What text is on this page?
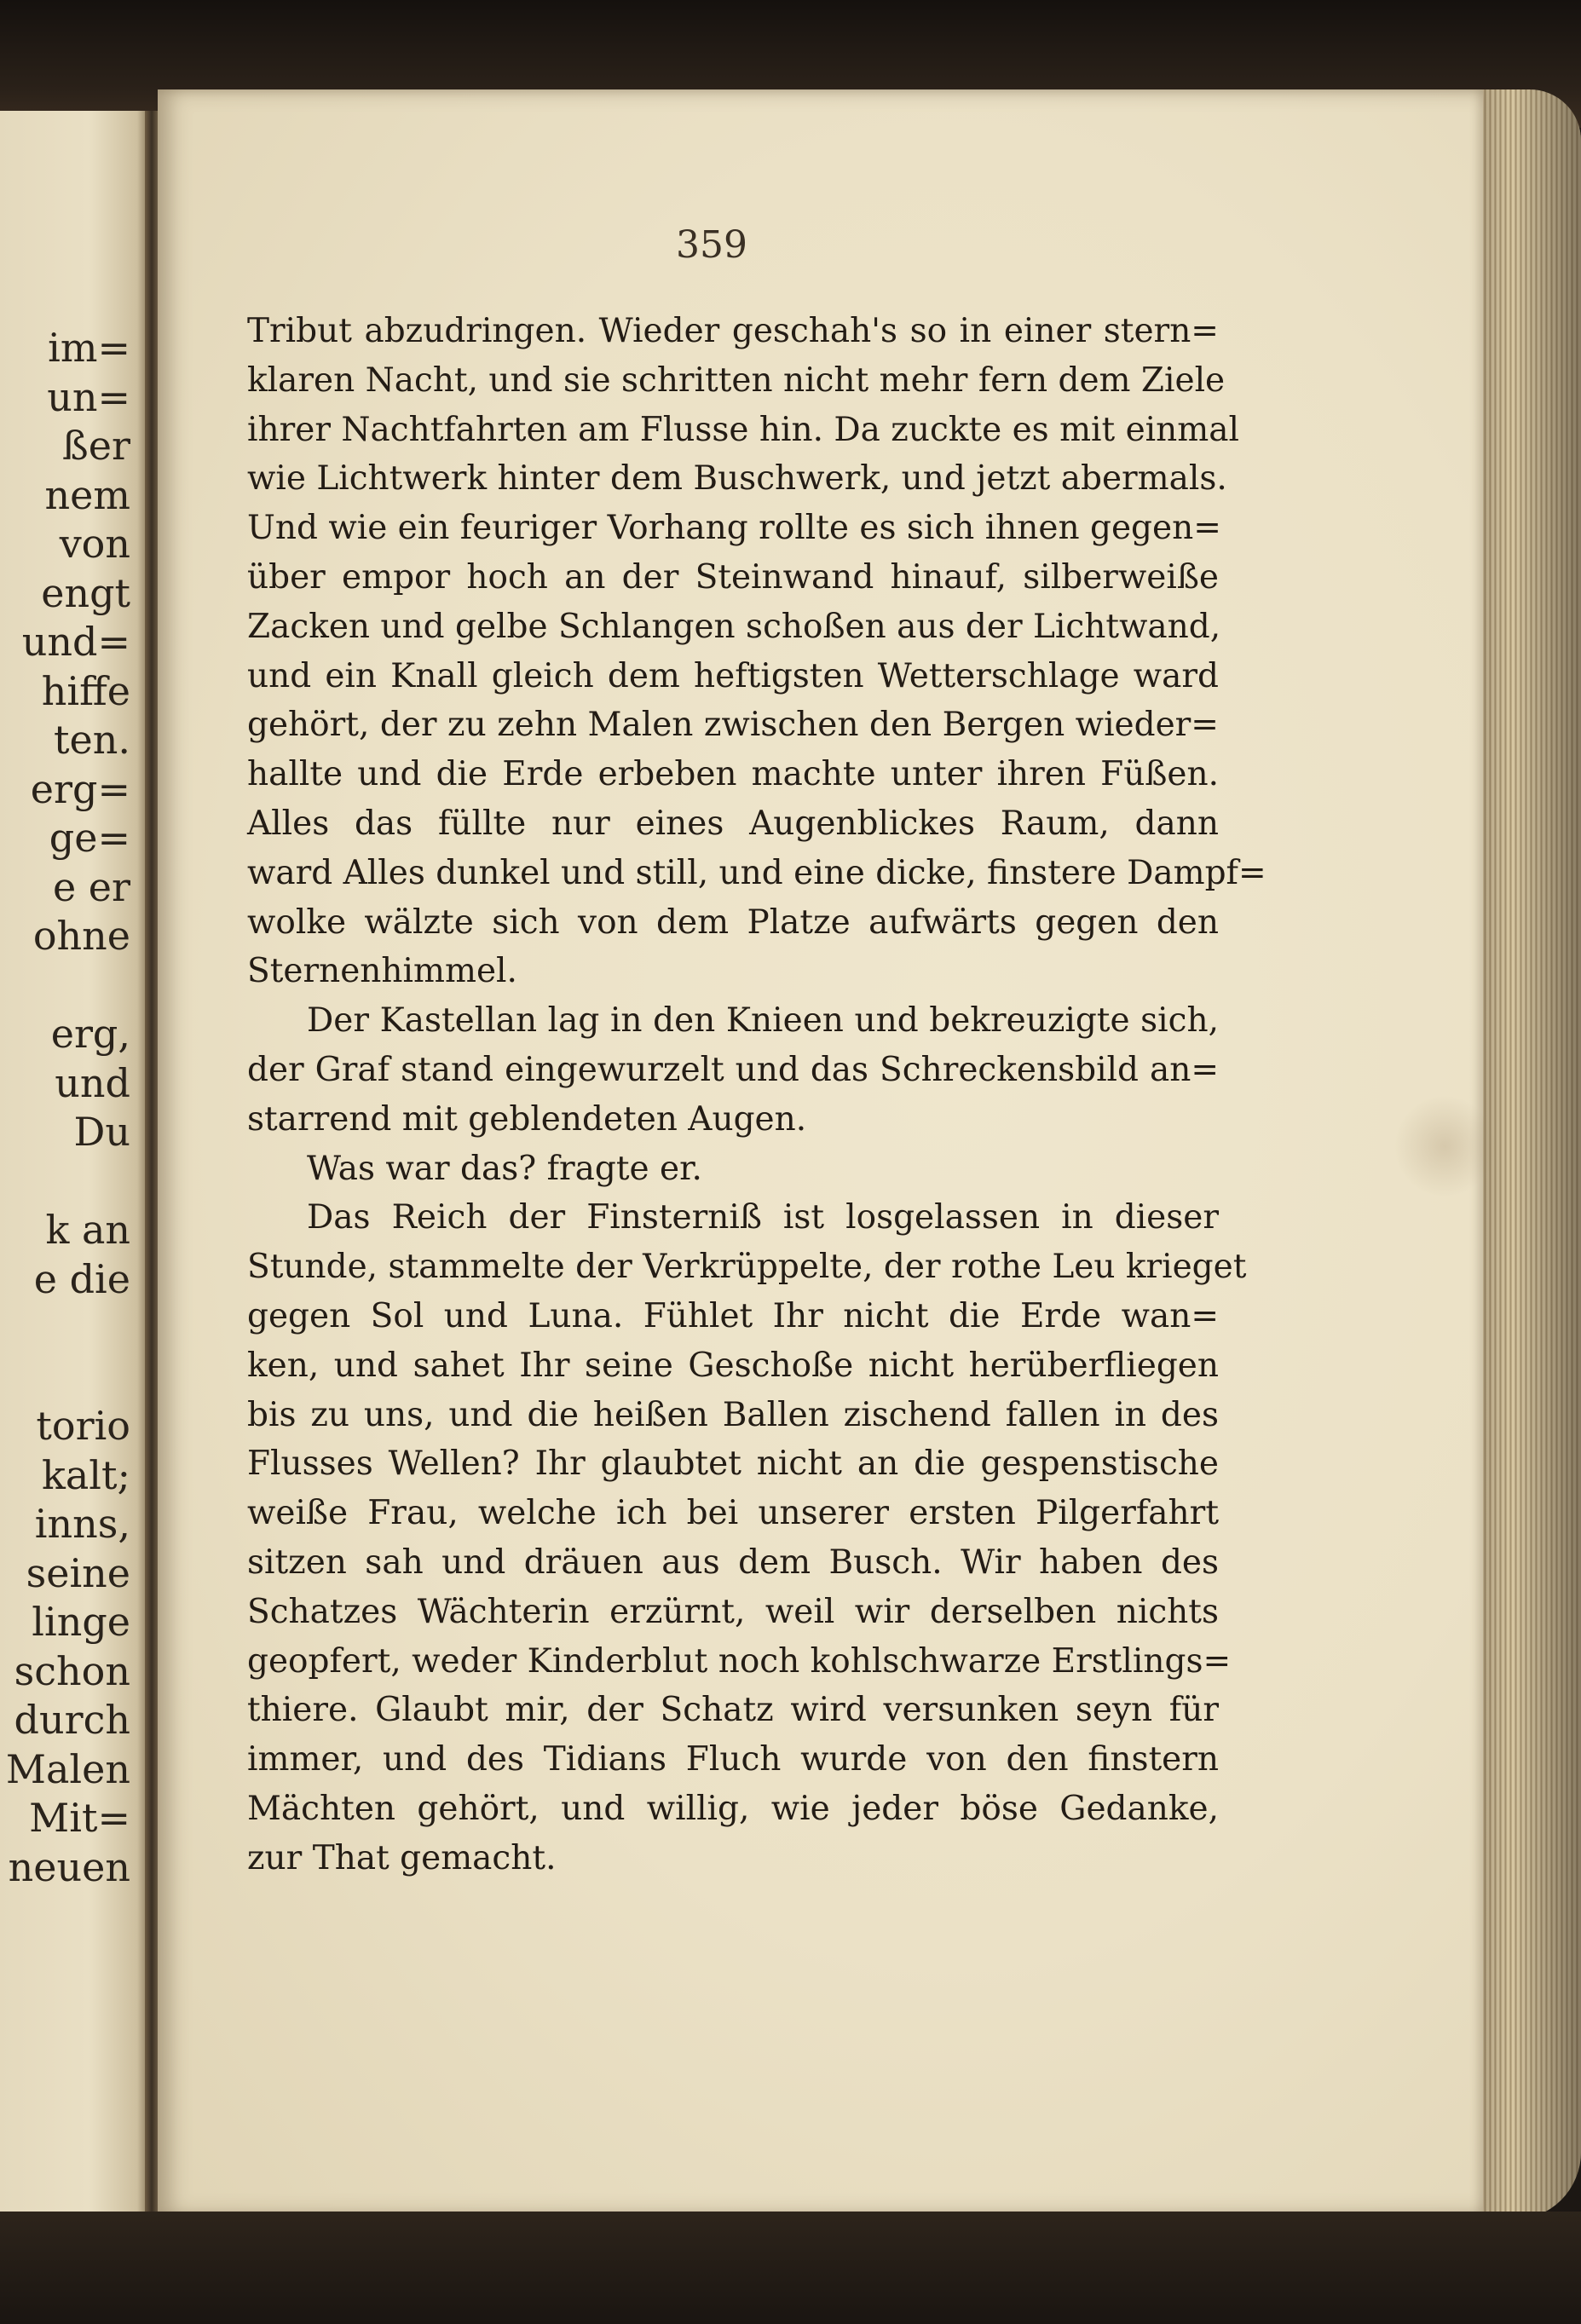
im=
un=
ßer
nem
von
engt
und=
hiffe
ten.
erg=
ge=
e er
ohne

erg,
und
Du

k an
e die

torio
kalt;
inns,
seine
linge
schon
durch
Malen
Mit=
neuen
359
Tribut abzudringen. Wieder geschah's so in einer stern=
klaren Nacht, und sie schritten nicht mehr fern dem Ziele
ihrer Nachtfahrten am Flusse hin. Da zuckte es mit einmal
wie Lichtwerk hinter dem Buschwerk, und jetzt abermals.
Und wie ein feuriger Vorhang rollte es sich ihnen gegen=
über empor hoch an der Steinwand hinauf, silberweiße
Zacken und gelbe Schlangen schoßen aus der Lichtwand,
und ein Knall gleich dem heftigsten Wetterschlage ward
gehört, der zu zehn Malen zwischen den Bergen wieder=
hallte und die Erde erbeben machte unter ihren Füßen.
Alles das füllte nur eines Augenblickes Raum, dann
ward Alles dunkel und still, und eine dicke, finstere Dampf=
wolke wälzte sich von dem Platze aufwärts gegen den
Sternenhimmel.
Der Kastellan lag in den Knieen und bekreuzigte sich,
der Graf stand eingewurzelt und das Schreckensbild an=
starrend mit geblendeten Augen.
Was war das? fragte er.
Das Reich der Finsterniß ist losgelassen in dieser
Stunde, stammelte der Verkrüppelte, der rothe Leu krieget
gegen Sol und Luna. Fühlet Ihr nicht die Erde wan=
ken, und sahet Ihr seine Geschoße nicht herüberfliegen
bis zu uns, und die heißen Ballen zischend fallen in des
Flusses Wellen? Ihr glaubtet nicht an die gespenstische
weiße Frau, welche ich bei unserer ersten Pilgerfahrt
sitzen sah und dräuen aus dem Busch. Wir haben des
Schatzes Wächterin erzürnt, weil wir derselben nichts
geopfert, weder Kinderblut noch kohlschwarze Erstlings=
thiere. Glaubt mir, der Schatz wird versunken seyn für
immer, und des Tidians Fluch wurde von den finstern
Mächten gehört, und willig, wie jeder böse Gedanke,
zur That gemacht.
